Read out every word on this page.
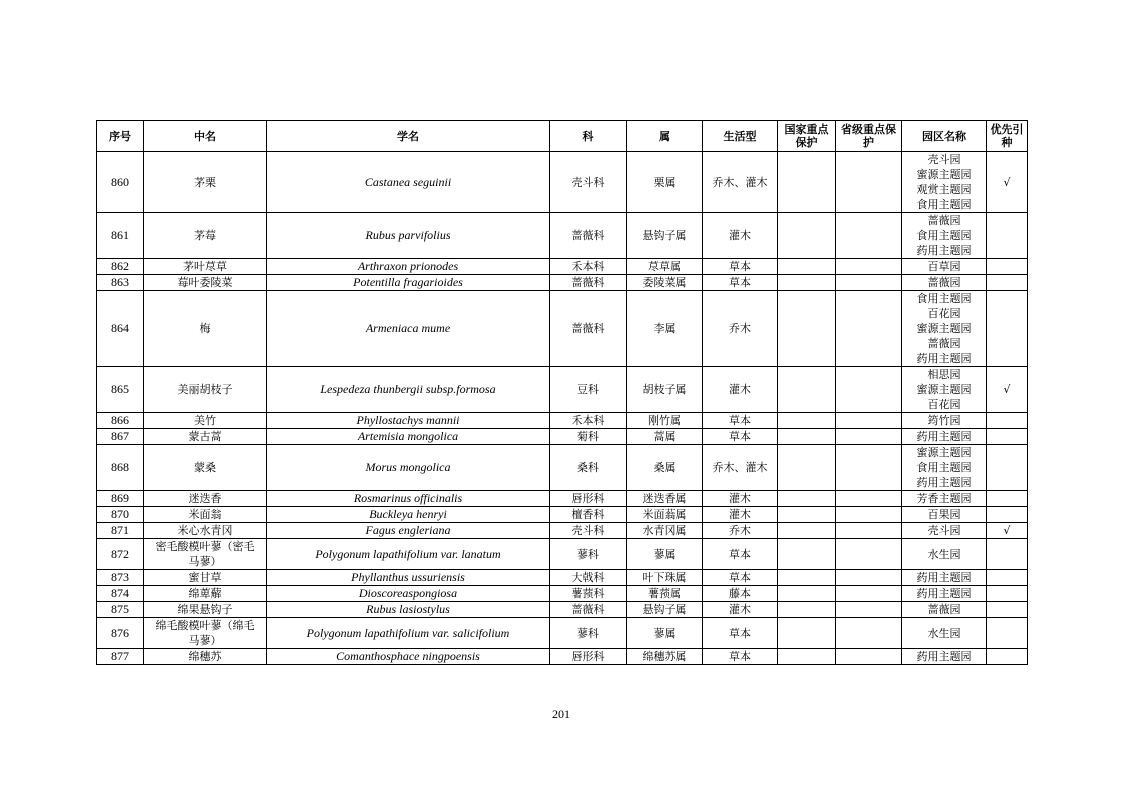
序号	中名	学名	科	属	生活型	国家重点保护	省级重点保护	园区名称	优先引种
860	茅栗	Castanea seguinii	壳斗科	栗属	乔木、灌木			壳斗园
蜜源主题园
观赏主题园
食用主题园	√
861	茅莓	Rubus parvifolius	蔷薇科	悬钩子属	灌木			蔷薇园
食用主题园
药用主题园	

862	茅叶荩草	Arthraxon prionodes	禾本科	荩草属	草本			百草园	

863	莓叶委陵菜	Potentilla fragarioides	蔷薇科	委陵菜属	草本			蔷薇园	

864	梅	Armeniaca mume	蔷薇科	李属	乔木			食用主题园
百花园
蜜源主题园
蔷薇园
药用主题园	

865	美丽胡枝子	Lespedeza thunbergii subsp.formosa	豆科	胡枝子属	灌木			相思园
蜜源主题园
百花园	√
866	美竹	Phyllostachys mannii	禾本科	刚竹属	草本			筠竹园	

867	蒙古蒿	Artemisia mongolica	菊科	蒿属	草本			药用主题园	

868	蒙桑	Morus mongolica	桑科	桑属	乔木、灌木			蜜源主题园
食用主题园
药用主题园	

869	迷迭香	Rosmarinus officinalis	唇形科	迷迭香属	灌木			芳香主题园	

870	米面翁	Buckleya henryi	檀香科	米面蓊属	灌木			百果园	

871	米心水青冈	Fagus engleriana	壳斗科	水青冈属	乔木			壳斗园	√
872	密毛酸模叶蓼（密毛
马蓼）	Polygonum lapathifolium var. lanatum	蓼科	蓼属	草本			水生园	

873	蜜甘草	Phyllanthus ussuriensis	大戟科	叶下珠属	草本			药用主题园	

874	绵萆薢	Dioscoreaspongiosa	薯蓣科	薯蓣属	藤本			药用主题园	

875	绵果悬钩子	Rubus lasiostylus	蔷薇科	悬钩子属	灌木			蔷薇园	

876	绵毛酸模叶蓼（绵毛
马蓼）	Polygonum lapathifolium var. salicifolium	蓼科	蓼属	草本			水生园	

877	绵穗苏	Comanthosphace ningpoensis	唇形科	绵穗苏属	草本			药用主题园	

201
